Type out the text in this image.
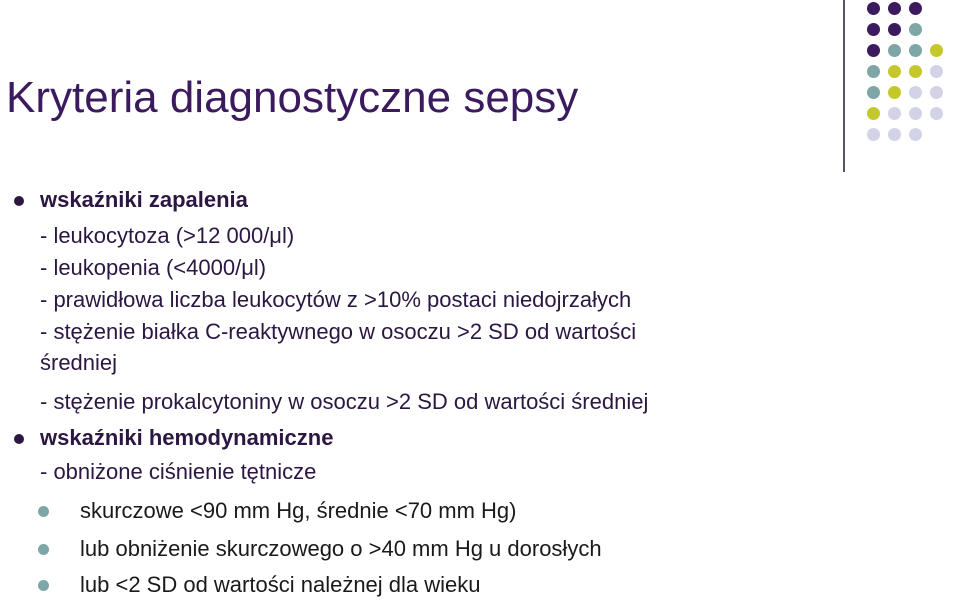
Kryteria diagnostyczne sepsy
wskaźniki zapalenia
- leukocytoza (>12 000/μl)
- leukopenia (<4000/μl)
- prawidłowa liczba leukocytów z >10% postaci niedojrzałych
- stężenie białka C-reaktywnego w osoczu >2 SD od wartości
średniej
- stężenie prokalcytoniny w osoczu >2 SD od wartości średniej
wskaźniki hemodynamiczne
- obniżone ciśnienie tętnicze
skurczowe <90 mm Hg, średnie <70 mm Hg)
lub obniżenie skurczowego o >40 mm Hg u dorosłych
lub <2 SD od wartości należnej dla wieku
